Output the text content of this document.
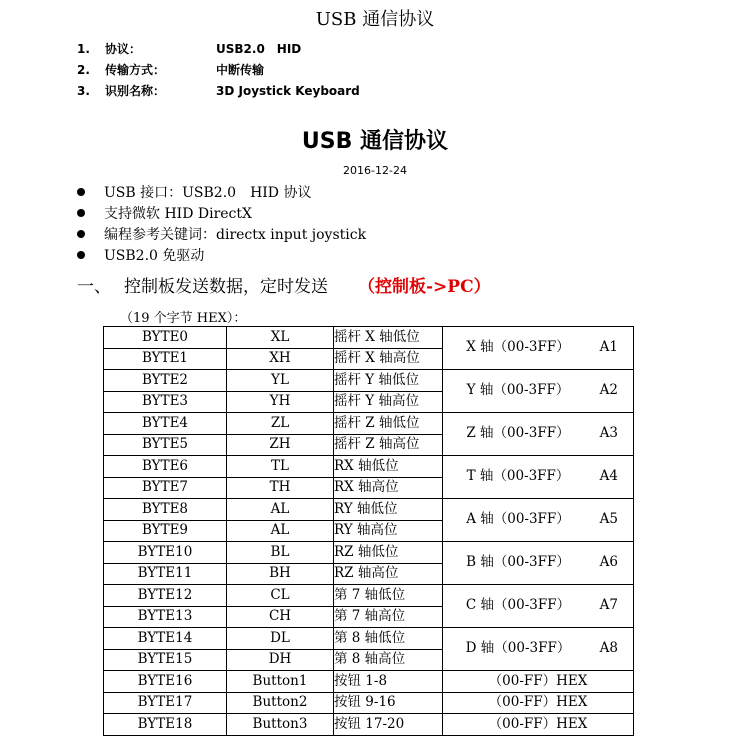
USB 通信协议
1.	协议：	USB2.0　HID
2.	传输方式：	中断传输
3.	识别名称：	3D Joystick Keyboard
USB 通信协议
2016-12-24
USB 接口：USB2.0　HID 协议
支持微软 HID DirectX
编程参考关键词：directx input joystick
USB2.0 免驱动
一、 控制板发送数据，定时发送 （控制板->PC）
（19 个字节 HEX）：
BYTE0	XL	摇杆 X 轴低位	X 轴（00-3FF） A1
BYTE1	XH	摇杆 X 轴高位	
BYTE2	YL	摇杆 Y 轴低位	Y 轴（00-3FF） A2
BYTE3	YH	摇杆 Y 轴高位	
BYTE4	ZL	摇杆 Z 轴低位	Z 轴（00-3FF） A3
BYTE5	ZH	摇杆 Z 轴高位	
BYTE6	TL	RX 轴低位	T 轴（00-3FF） A4
BYTE7	TH	RX 轴高位	
BYTE8	AL	RY 轴低位	A 轴（00-3FF） A5
BYTE9	AL	RY 轴高位	
BYTE10	BL	RZ 轴低位	B 轴（00-3FF） A6
BYTE11	BH	RZ 轴高位	
BYTE12	CL	第 7 轴低位	C 轴（00-3FF） A7
BYTE13	CH	第 7 轴高位	
BYTE14	DL	第 8 轴低位	D 轴（00-3FF） A8
BYTE15	DH	第 8 轴高位	
BYTE16	Button1	按钮 1-8	（00-FF）HEX
BYTE17	Button2	按钮 9-16	（00-FF）HEX
BYTE18	Button3	按钮 17-20	（00-FF）HEX
